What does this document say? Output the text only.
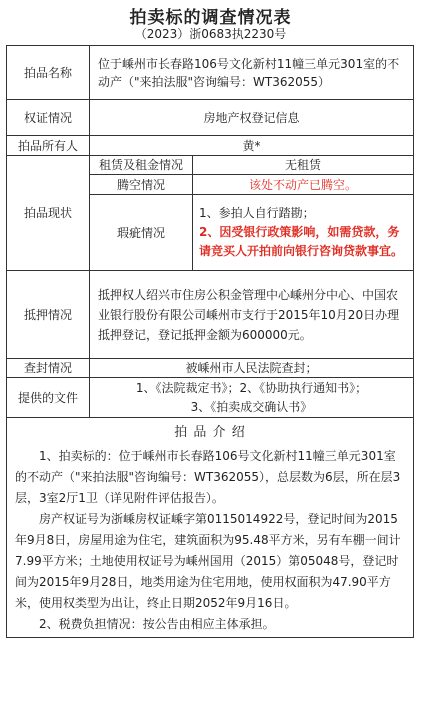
拍卖标的调查情况表
（2023）浙0683执2230号
拍品名称	位于嵊州市长春路106号文化新村11幢三单元301室的不动产（"来拍法服"咨询编号：WT362055）	
权证情况	房地产权登记信息	
拍品所有人	黄*	
拍品现状	租赁及租金情况	无租赁
	腾空情况	该处不动产已腾空。
	瑕疵情况	1、参拍人自行踏勘；
2、因受银行政策影响，如需贷款，务请竞买人开拍前向银行咨询贷款事宜。

抵押情况	抵押权人绍兴市住房公积金管理中心嵊州分中心、中国农业银行股份有限公司嵊州市支行于2015年10月20日办理抵押登记，登记抵押金额为600000元。	
查封情况	被嵊州市人民法院查封；	
提供的文件	1、《法院裁定书》；2、《协助执行通知书》；
3、《拍卖成交确认书》	

拍 品 介 绍

1、拍卖标的：位于嵊州市长春路106号文化新村11幢三单元301室的不动产（"来拍法服"咨询编号：WT362055），总层数为6层，所在层3层，3室2厅1卫（详见附件评估报告）。

房产权证号为浙嵊房权证嵊字第0115014922号，登记时间为2015年9月8日，房屋用途为住宅，建筑面积为95.48平方米，另有车棚一间计7.99平方米；土地使用权证号为嵊州国用（2015）第05048号，登记时间为2015年9月28日，地类用途为住宅用地，使用权面积为47.90平方米，使用权类型为出让，终止日期2052年9月16日。

2、税费负担情况：按公告由相应主体承担。		
